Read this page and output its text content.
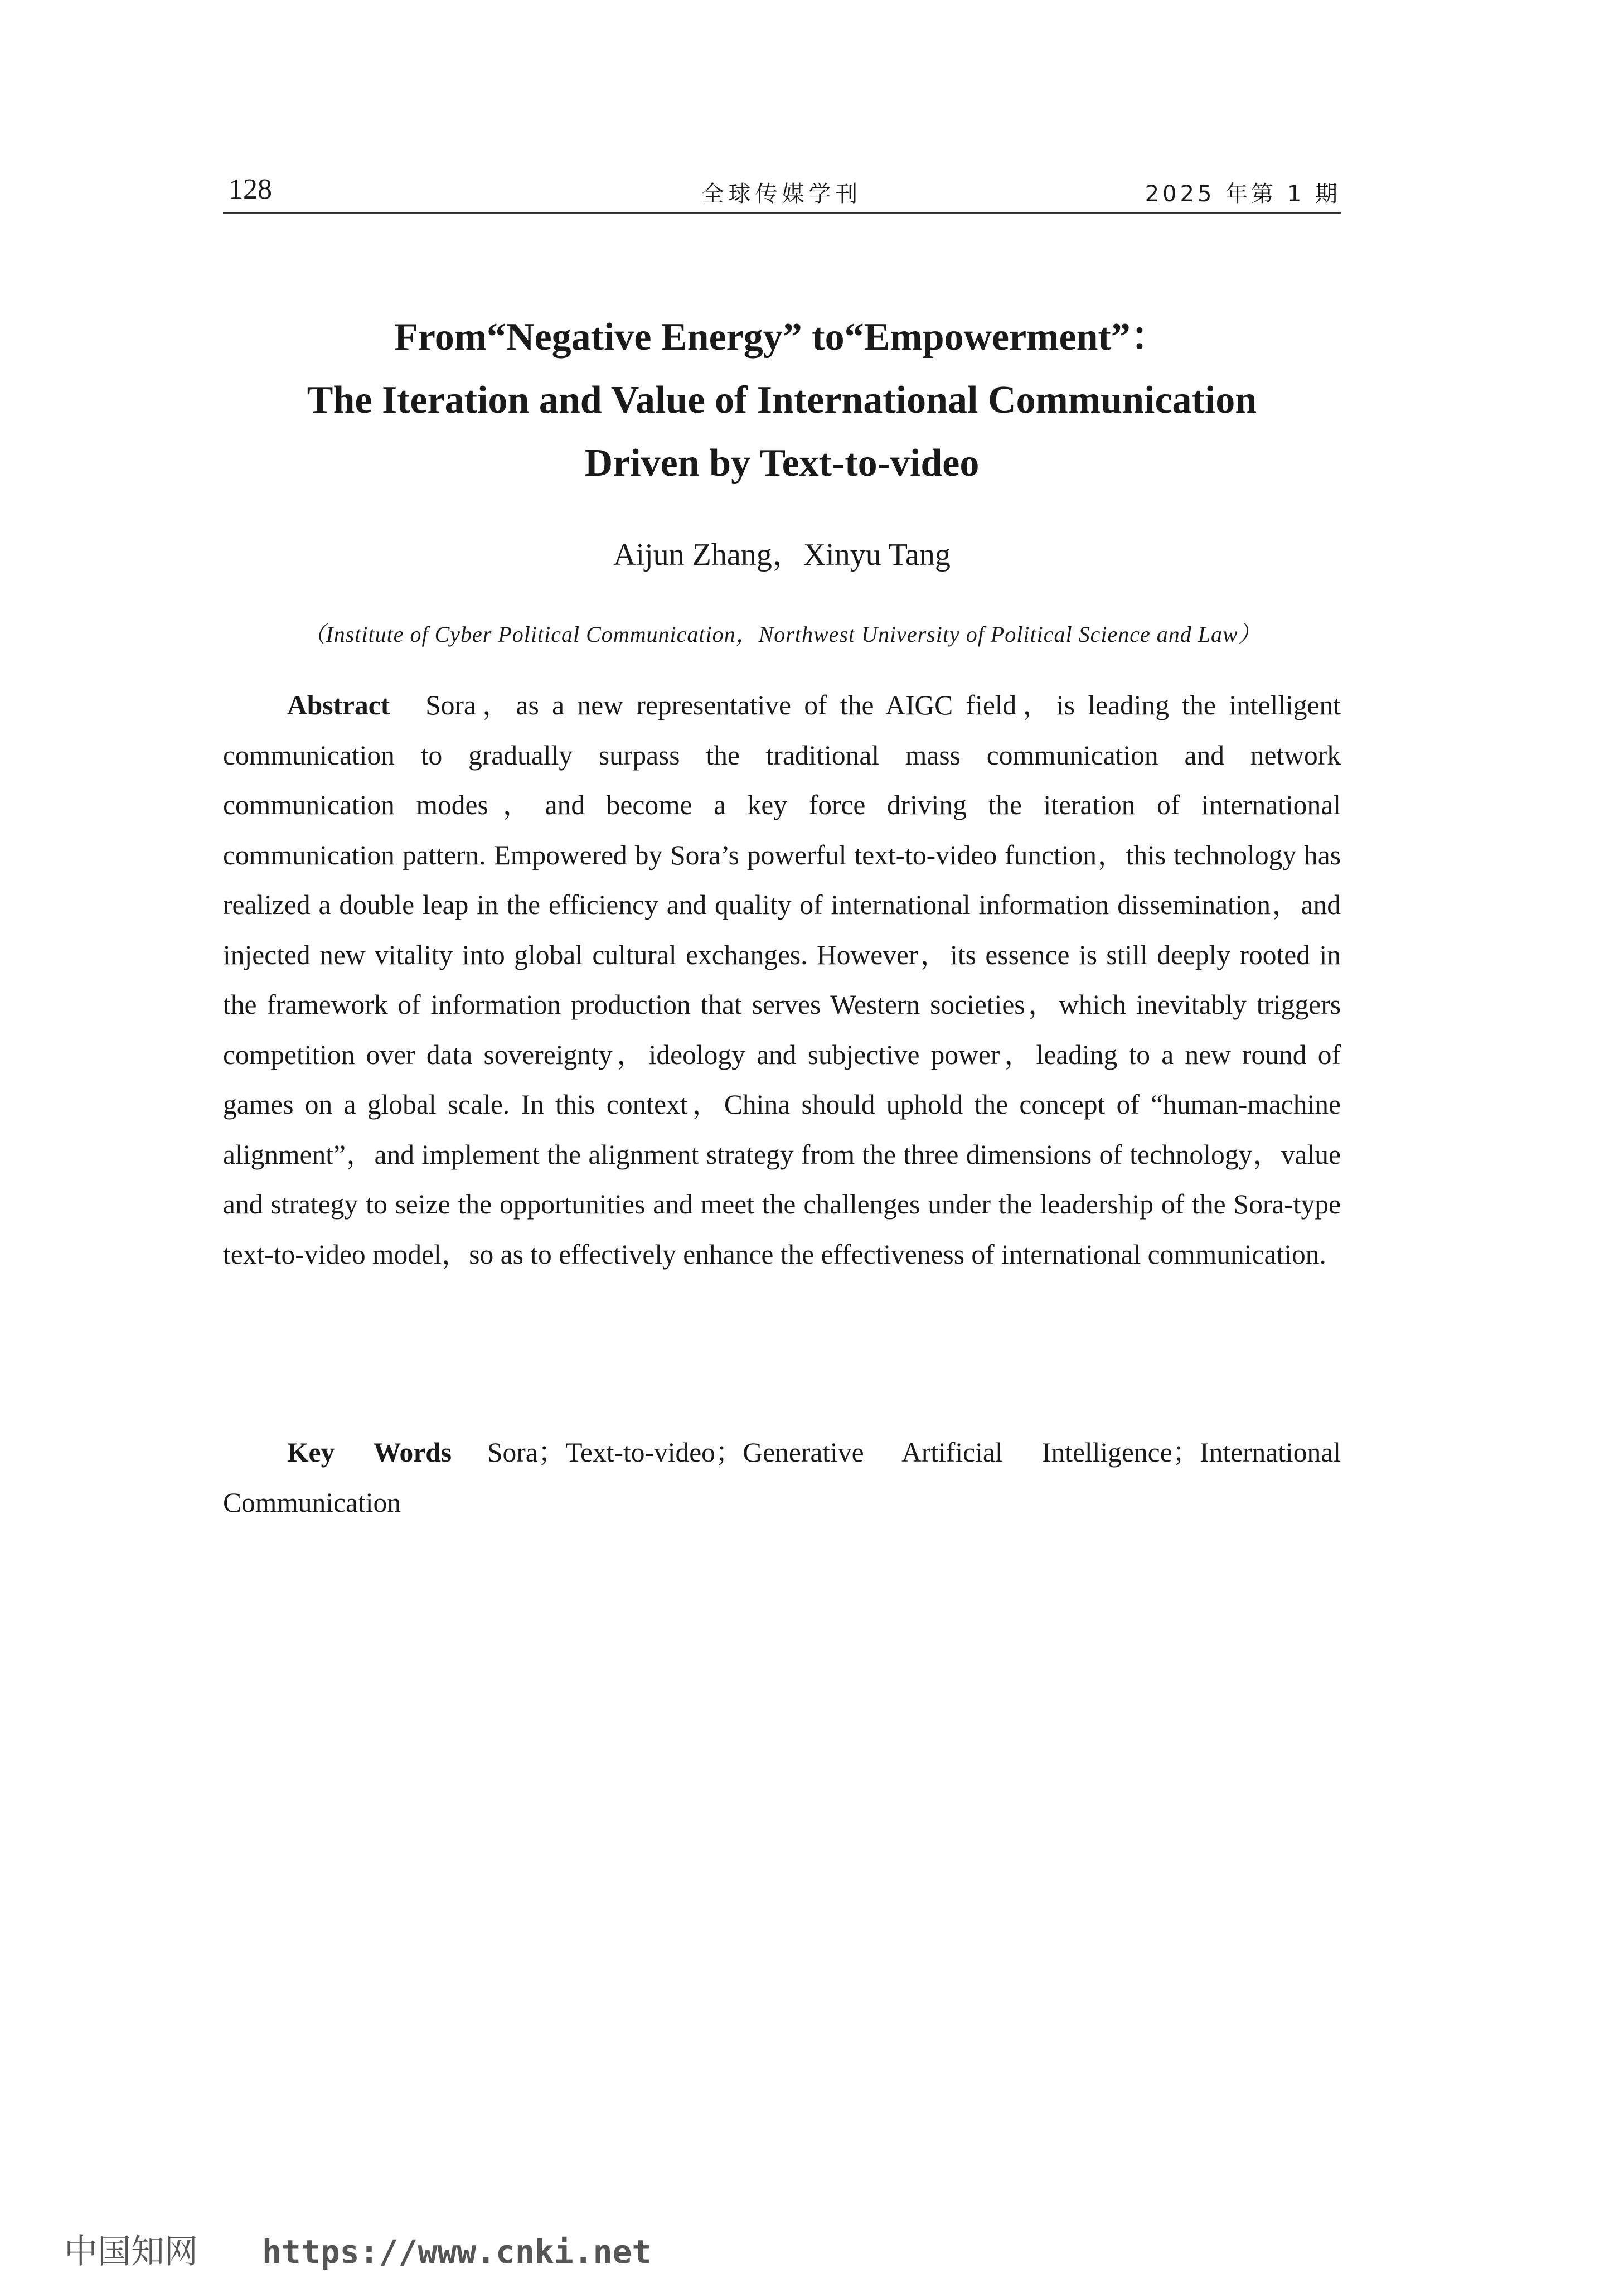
128	全球传媒学刊	2025 年第 1 期
From“Negative Energy” to“Empowerment”：
The Iteration and Value of International Communication
Driven by Text-to-video
Aijun Zhang，Xinyu Tang
（Institute of Cyber Political Communication，Northwest University of Political Science and Law）

Abstract Sora，as a new representative of the AIGC field，is leading the intelligent communication to gradually surpass the traditional mass communication and network communication modes，and become a key force driving the iteration of international communication pattern. Empowered by Sora’s powerful text-to-video function，this technology has realized a double leap in the efficiency and quality of international information dissemination，and injected new vitality into global cultural exchanges. However，its essence is still deeply rooted in the framework of information production that serves Western societies，which inevitably triggers competition over data sovereignty，ideology and subjective power，leading to a new round of games on a global scale. In this context，China should uphold the concept of “human-machine alignment”，and implement the alignment strategy from the three dimensions of technology，value and strategy to seize the opportunities and meet the challenges under the leadership of the Sora-type text-to-video model，so as to effectively enhance the effectiveness of international communication.

Key Words Sora；Text-to-video；Generative Artificial Intelligence；International Communication

中国知网 https://www.cnki.net
